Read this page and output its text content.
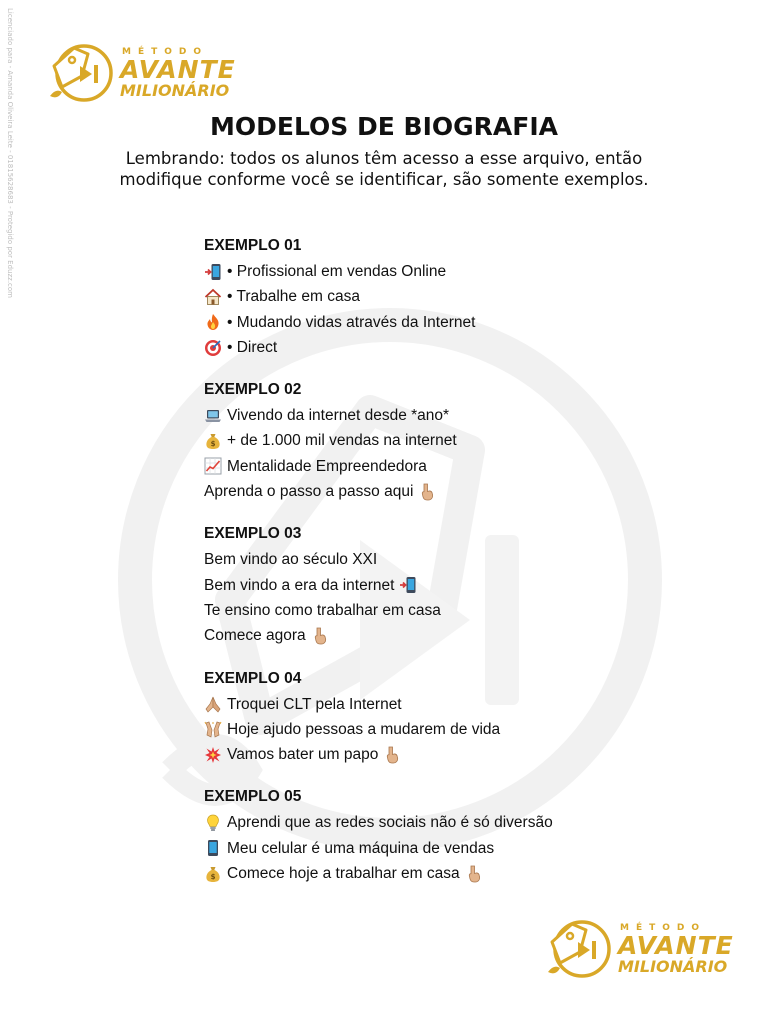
Licenciado para - Amanda Oliveira Leite - 01815628683 - Protegido por Eduzz.com	MÉTODO
AVANTE
MILIONÁRIO
MODELOS DE BIOGRAFIA
Lembrando: todos os alunos têm acesso a esse arquivo, então
modifique conforme você se identificar, são somente exemplos.
EXEMPLO 01
• Profissional em vendas Online
• Trabalhe em casa
• Mudando vidas através da Internet
• Direct
EXEMPLO 02
Vivendo da internet desde *ano*
$ + de 1.000 mil vendas na internet
Mentalidade Empreendedora
Aprenda o passo a passo aqui
EXEMPLO 03
Bem vindo ao século XXI
Bem vindo a era da internet
Te ensino como trabalhar em casa
Comece agora
EXEMPLO 04
Troquei CLT pela Internet
Hoje ajudo pessoas a mudarem de vida
Vamos bater um papo
EXEMPLO 05
Aprendi que as redes sociais não é só diversão
Meu celular é uma máquina de vendas
$ Comece hoje a trabalhar em casa
MÉTODO
AVANTE
MILIONÁRIO
